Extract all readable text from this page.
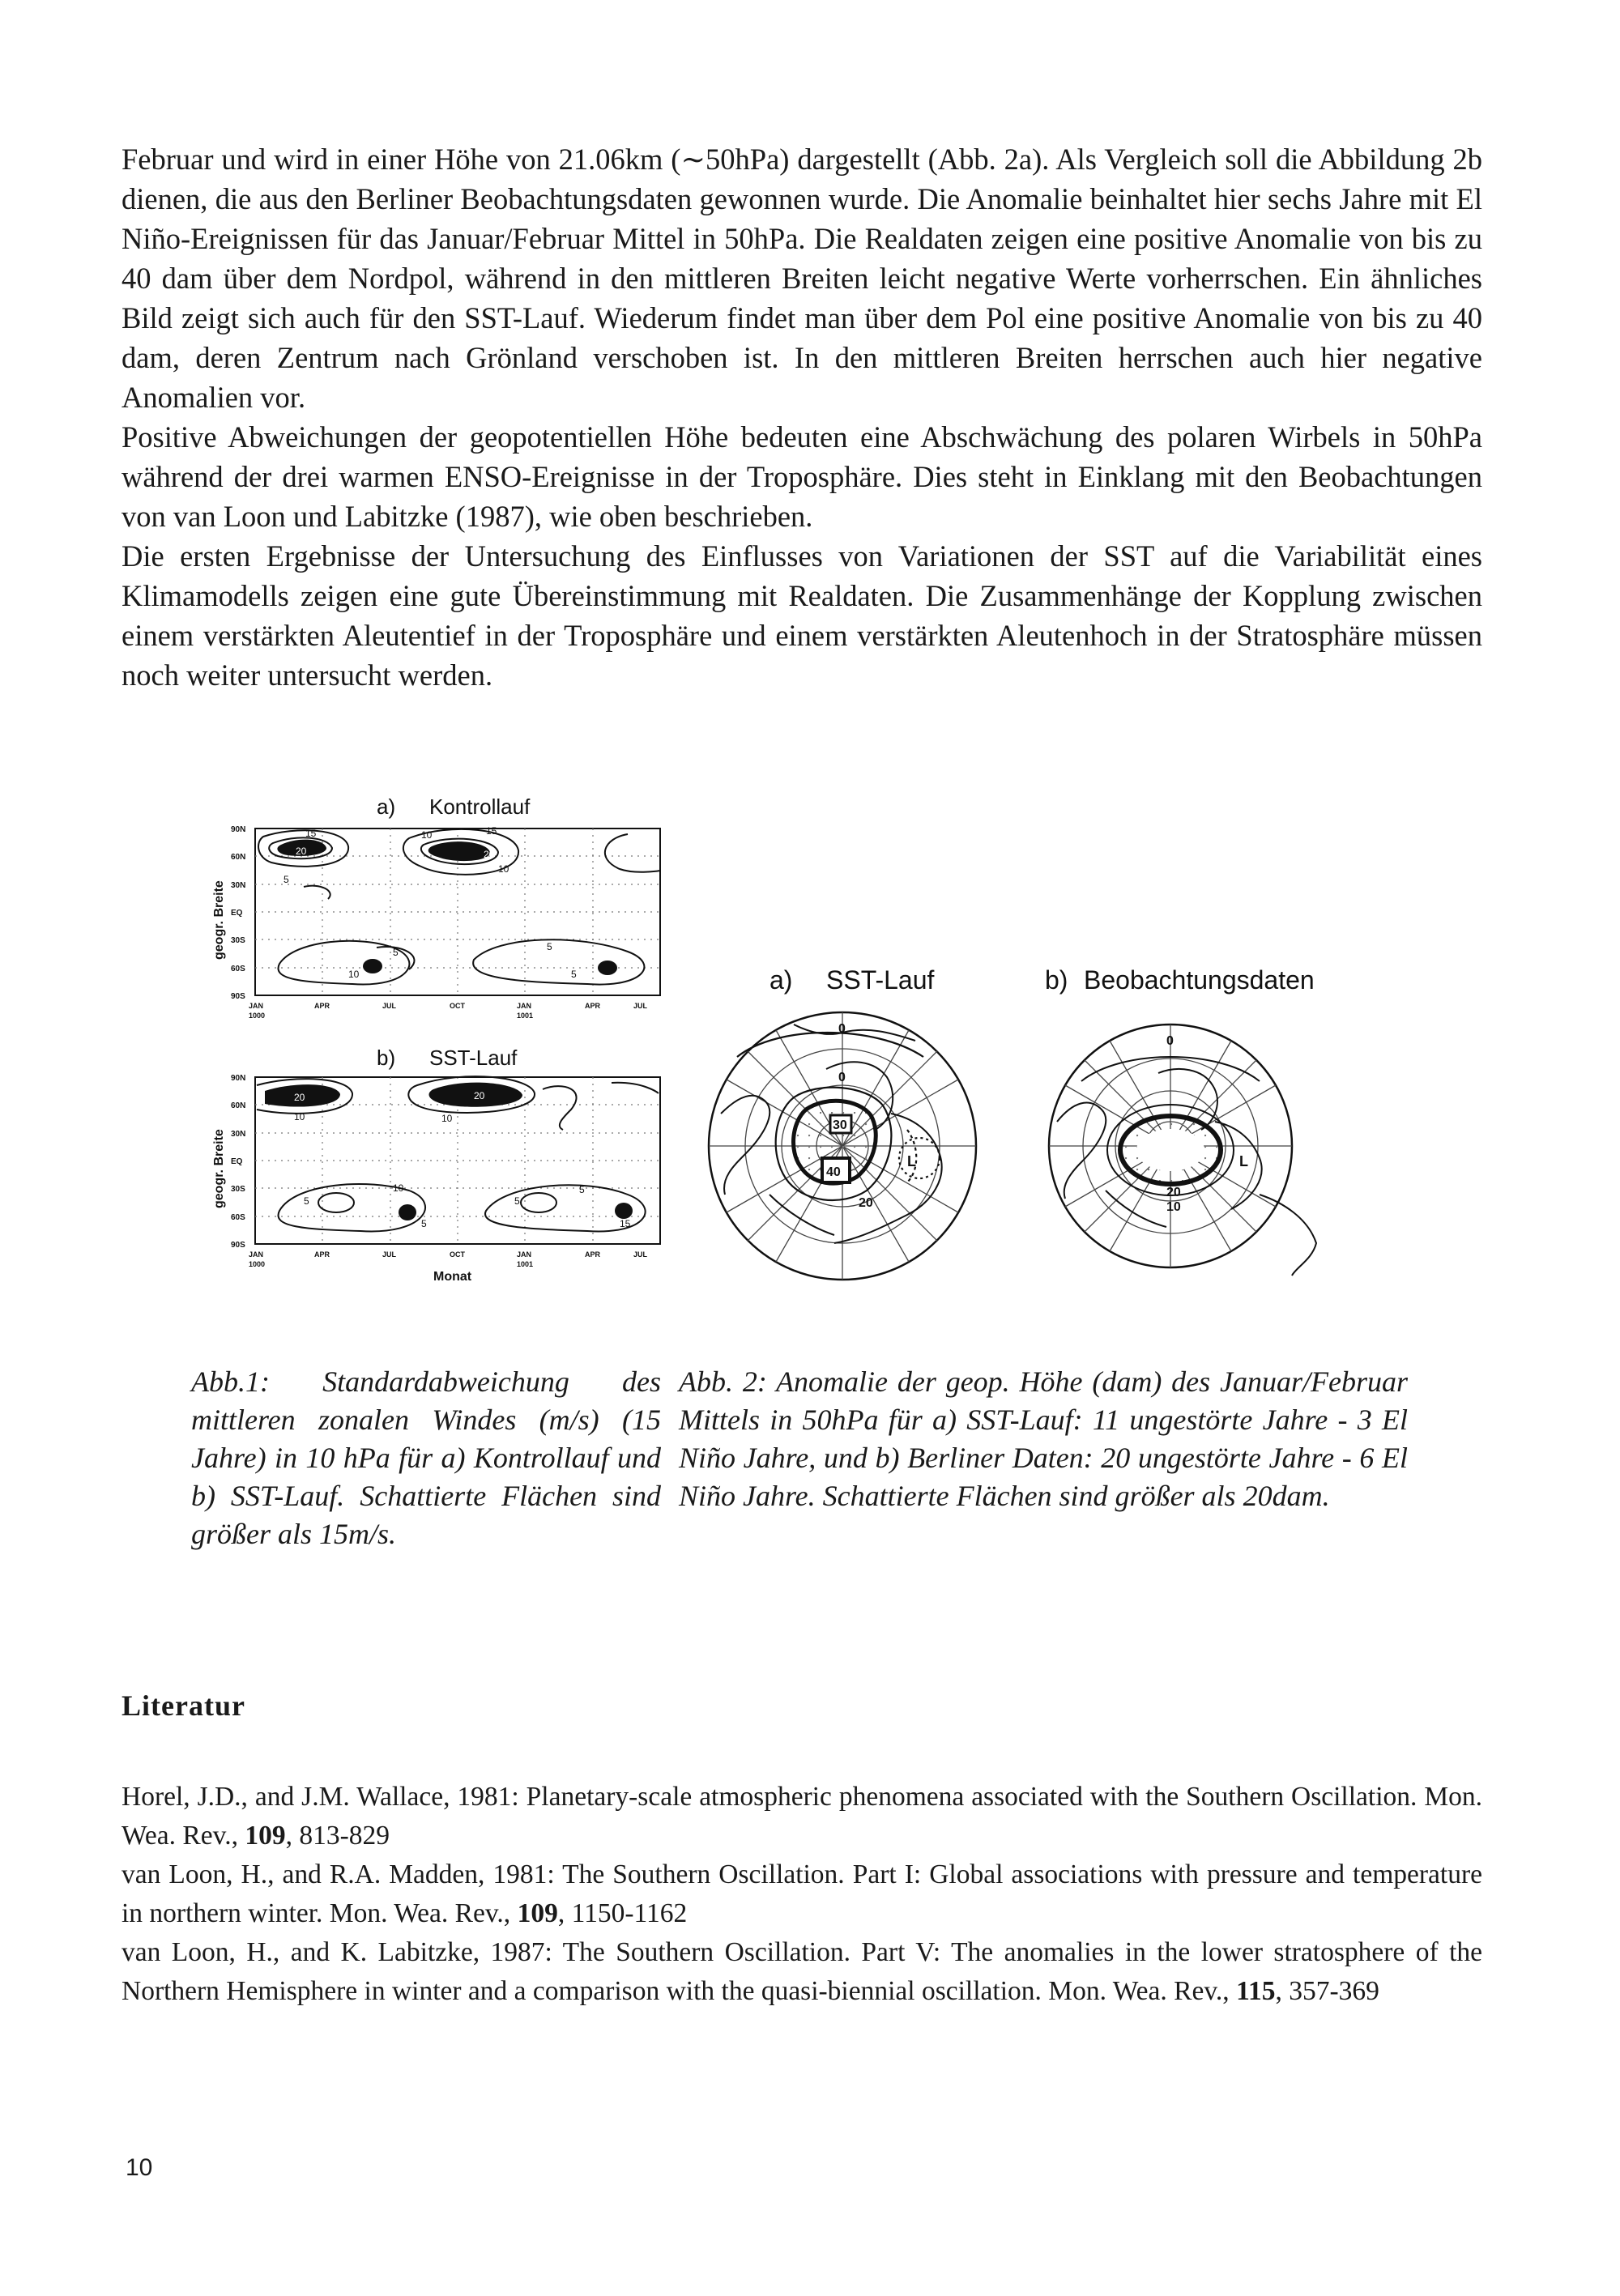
Februar und wird in einer Höhe von 21.06km (∼50hPa) dargestellt (Abb. 2a). Als Vergleich soll die Abbildung 2b dienen, die aus den Berliner Beobachtungsdaten gewonnen wurde. Die Anomalie beinhaltet hier sechs Jahre mit El Niño-Ereignissen für das Januar/Februar Mittel in 50hPa. Die Realdaten zeigen eine positive Anomalie von bis zu 40 dam über dem Nordpol, während in den mittleren Breiten leicht negative Werte vorherrschen. Ein ähnliches Bild zeigt sich auch für den SST-Lauf. Wiederum findet man über dem Pol eine positive Anomalie von bis zu 40 dam, deren Zentrum nach Grönland verschoben ist. In den mittleren Breiten herrschen auch hier negative Anomalien vor.

Positive Abweichungen der geopotentiellen Höhe bedeuten eine Abschwächung des polaren Wirbels in 50hPa während der drei warmen ENSO-Ereignisse in der Troposphäre. Dies steht in Einklang mit den Beobachtungen von van Loon und Labitzke (1987), wie oben beschrieben.

Die ersten Ergebnisse der Untersuchung des Einflusses von Variationen der SST auf die Variabilität eines Klimamodells zeigen eine gute Übereinstimmung mit Realdaten. Die Zusammenhänge der Kopplung zwischen einem verstärkten Aleutentief in der Troposphäre und einem verstärkten Aleutenhoch in der Stratosphäre müssen noch weiter untersucht werden.

a) Kontrollauf
15
20
10	15
20
10
5
5
10
5
5
90N
60N
30N
EQ
30S
60S
90S
geogr. Breite
JAN	APR	JUL	OCT	JAN	APR	JUL
1000	1001
b) SST-Lauf
20
10
20
10
5
10
5	15
5
5
90N
60N
30N
EQ
30S
60S
90S
geogr. Breite
JAN	APR	JUL	OCT	JAN	APR	JUL
1000	1001
Monat
a) SST-Lauf	b) Beobachtungsdaten
0
30
40
20
0
L
0
20
10
L
Abb.1: Standardabweichung des mittleren zonalen Windes (m/s) (15 Jahre) in 10 hPa für a) Kontrollauf und b) SST-Lauf. Schattierte Flächen sind größer als 15m/s.
Abb. 2: Anomalie der geop. Höhe (dam) des Januar/Februar Mittels in 50hPa für a) SST-Lauf: 11 ungestörte Jahre - 3 El Niño Jahre, und b) Berliner Daten: 20 ungestörte Jahre - 6 El Niño Jahre. Schattierte Flächen sind größer als 20dam.
Literatur

Horel, J.D., and J.M. Wallace, 1981: Planetary-scale atmospheric phenomena associated with the Southern Oscillation. Mon. Wea. Rev., 109, 813-829

van Loon, H., and R.A. Madden, 1981: The Southern Oscillation. Part I: Global associations with pressure and temperature in northern winter. Mon. Wea. Rev., 109, 1150-1162

van Loon, H., and K. Labitzke, 1987: The Southern Oscillation. Part V: The anomalies in the lower stratosphere of the Northern Hemisphere in winter and a comparison with the quasi-biennial oscillation. Mon. Wea. Rev., 115, 357-369

10
